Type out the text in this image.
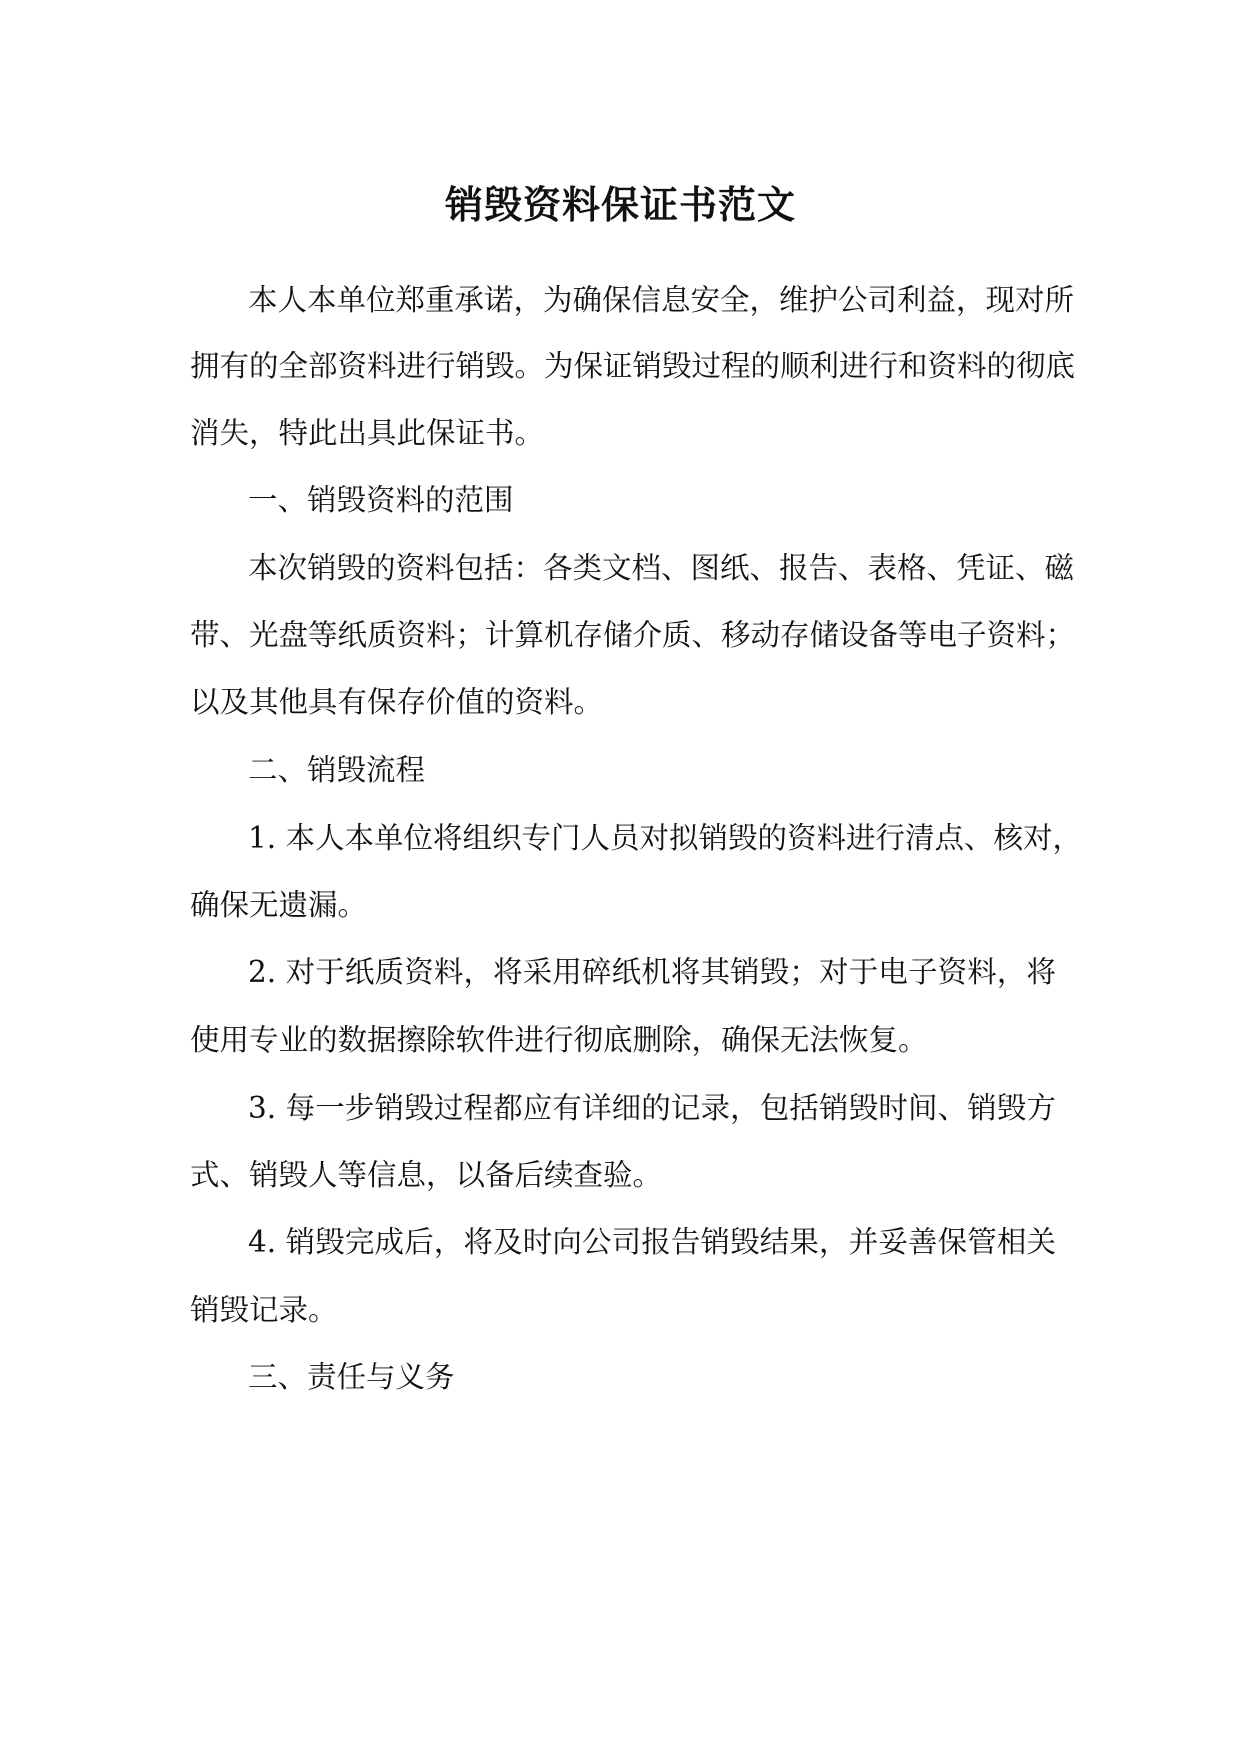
销毁资料保证书范文

本人本单位郑重承诺，为确保信息安全，维护公司利益，现对所

拥有的全部资料进行销毁。为保证销毁过程的顺利进行和资料的彻底

消失，特此出具此保证书。

一、销毁资料的范围

本次销毁的资料包括：各类文档、图纸、报告、表格、凭证、磁

带、光盘等纸质资料；计算机存储介质、移动存储设备等电子资料；

以及其他具有保存价值的资料。

二、销毁流程

1. 本人本单位将组织专门人员对拟销毁的资料进行清点、核对，

确保无遗漏。

2. 对于纸质资料，将采用碎纸机将其销毁；对于电子资料，将

使用专业的数据擦除软件进行彻底删除，确保无法恢复。

3. 每一步销毁过程都应有详细的记录，包括销毁时间、销毁方

式、销毁人等信息，以备后续查验。

4. 销毁完成后，将及时向公司报告销毁结果，并妥善保管相关

销毁记录。

三、责任与义务
